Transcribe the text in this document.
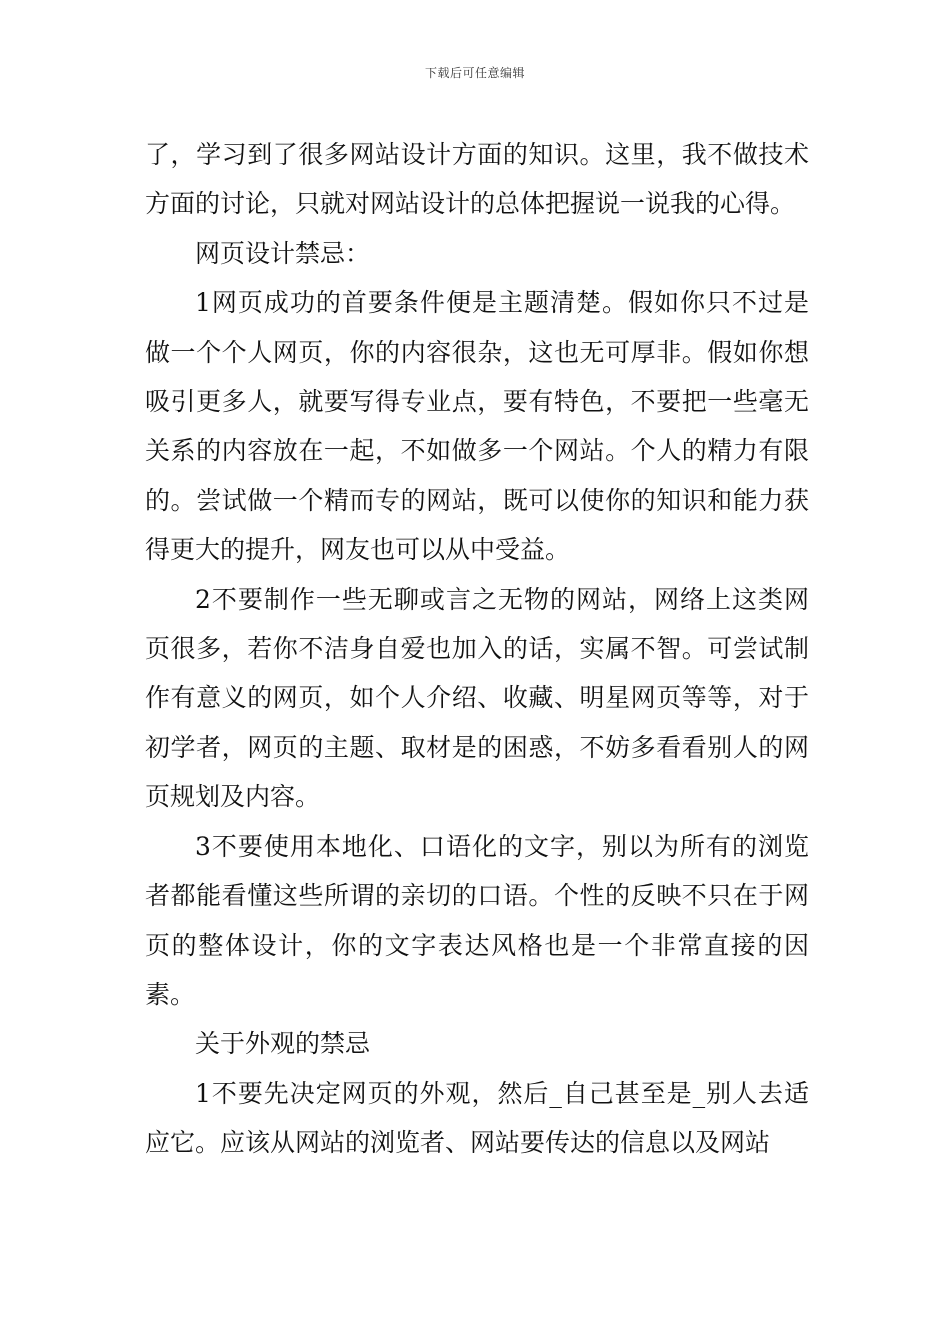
下载后可任意编辑

了，学习到了很多网站设计方面的知识。这里，我不做技术方面的讨论，只就对网站设计的总体把握说一说我的心得。

网页设计禁忌：

1网页成功的首要条件便是主题清楚。假如你只不过是做一个个人网页，你的内容很杂，这也无可厚非。假如你想吸引更多人，就要写得专业点，要有特色，不要把一些毫无关系的内容放在一起，不如做多一个网站。个人的精力有限的。尝试做一个精而专的网站，既可以使你的知识和能力获得更大的提升，网友也可以从中受益。

2不要制作一些无聊或言之无物的网站，网络上这类网页很多，若你不洁身自爱也加入的话，实属不智。可尝试制作有意义的网页，如个人介绍、收藏、明星网页等等，对于初学者，网页的主题、取材是的困惑，不妨多看看别人的网页规划及内容。

3不要使用本地化、口语化的文字，别以为所有的浏览者都能看懂这些所谓的亲切的口语。个性的反映不只在于网页的整体设计，你的文字表达风格也是一个非常直接的因素。

关于外观的禁忌

1不要先决定网页的外观，然后_自己甚至是_别人去适应它。应该从网站的浏览者、网站要传达的信息以及网站
